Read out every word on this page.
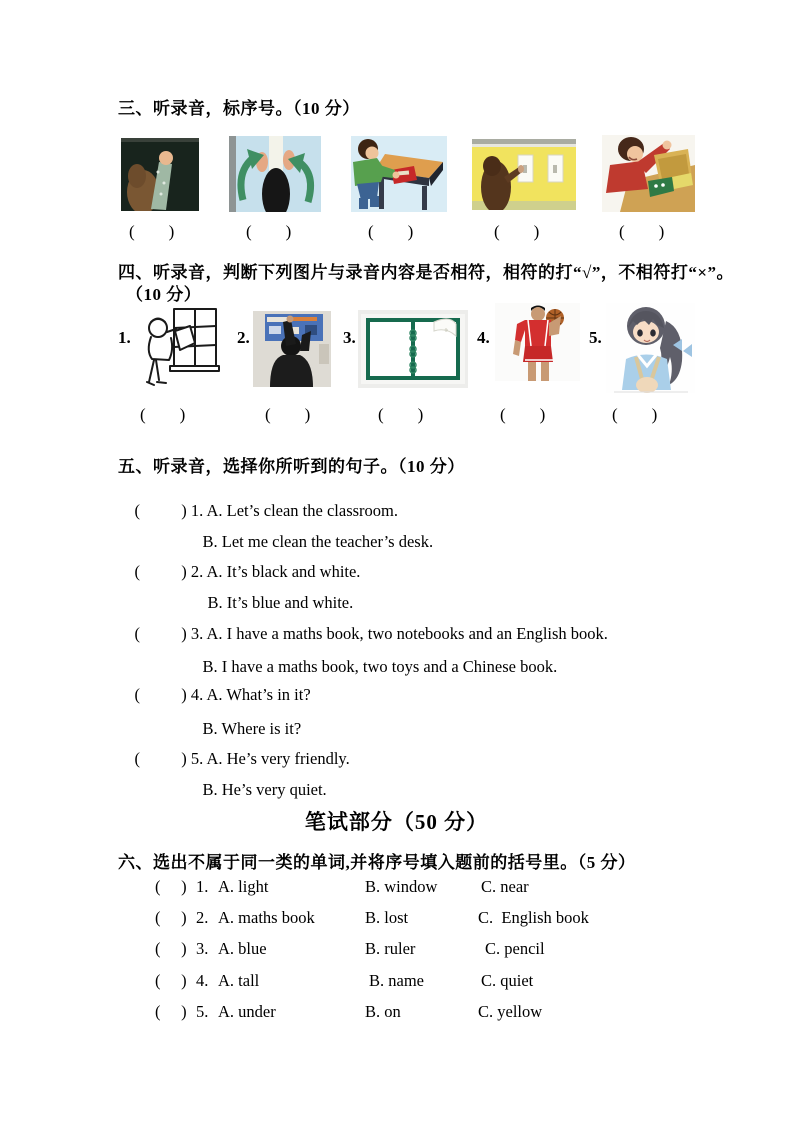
三、听录音，标序号。（10 分）
(        )	(        )	(        )	(        )	(        )
四、听录音，判断下列图片与录音内容是否相符，相符的打“√”，不相符打“×”。
（10 分）
1.	2.	3.	4.	5.
(        )	(        )	(        )	(        )	(        )
五、听录音，选择你所听到的句子。（10 分）

(          ) 1. A. Let’s clean the classroom.

B. Let me clean the teacher’s desk.

(          ) 2. A. It’s black and white.

B. It’s blue and white.

(          ) 3. A. I have a maths book, two notebooks and an English book.

B. I have a maths book, two toys and a Chinese book.

(          ) 4. A. What’s in it?

B. Where is it?

(          ) 5. A. He’s very friendly.

B. He’s very quiet.

笔试部分（50 分）
六、选出不属于同一类的单词,并将序号填入题前的括号里。（5 分）
(     ) 1. A. light	B. window	C. near
(     ) 2. A. maths book	B. lost	C.  English book
(     ) 3. A. blue	B. ruler	C. pencil
(     ) 4. A. tall	B. name	C. quiet
(     ) 5. A. under	B. on	C. yellow
